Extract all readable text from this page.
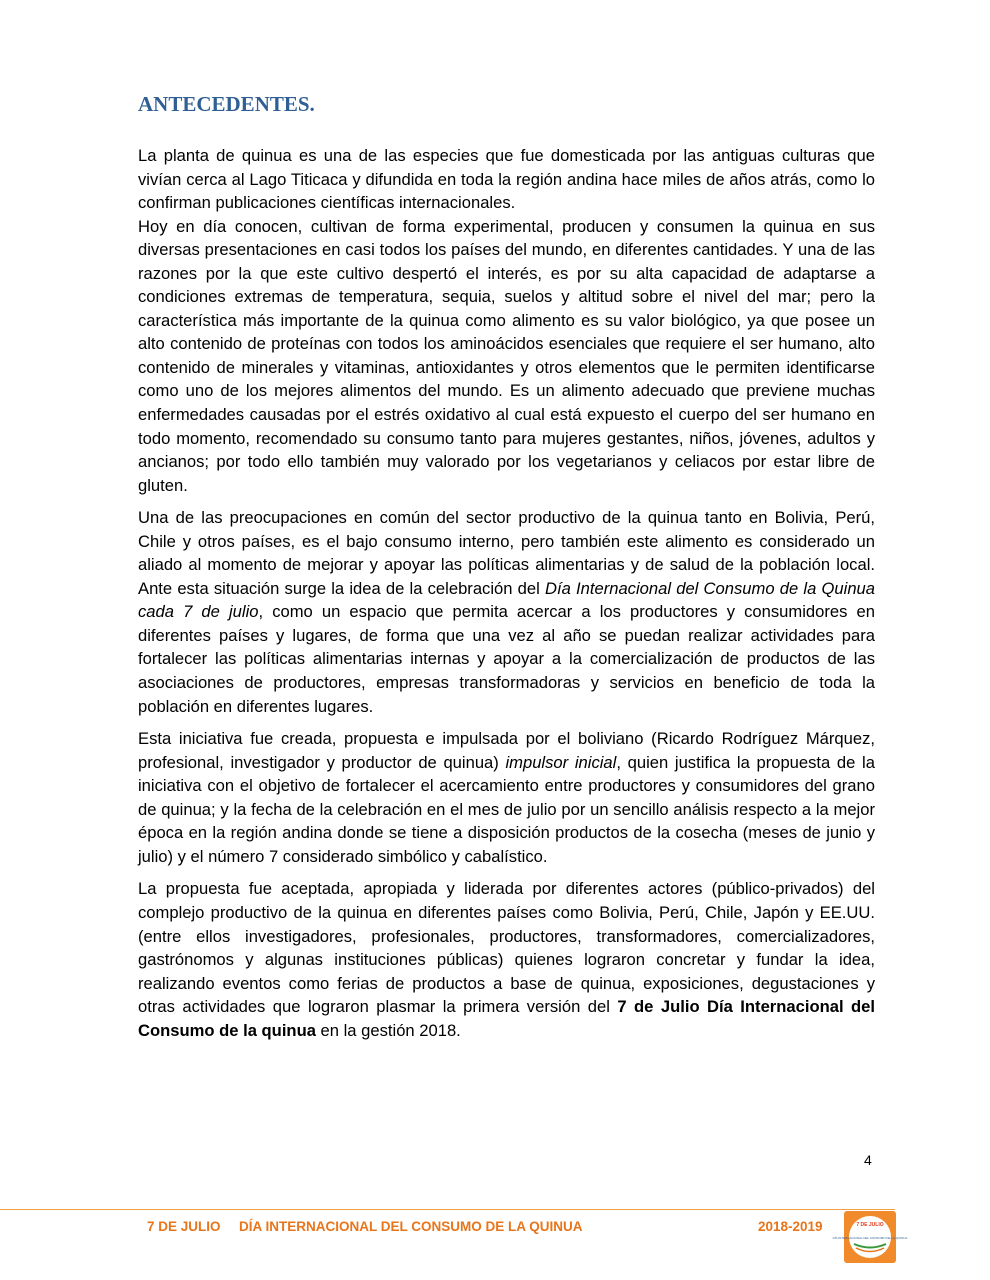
ANTECEDENTES.

La planta de quinua es una de las especies que fue domesticada por las antiguas culturas que vivían cerca al Lago Titicaca y difundida en toda la región andina hace miles de años atrás, como lo confirman publicaciones científicas internacionales.

Hoy en día conocen, cultivan de forma experimental, producen y consumen la quinua en sus diversas presentaciones en casi todos los países del mundo, en diferentes cantidades. Y una de las razones por la que este cultivo despertó el interés, es por su alta capacidad de adaptarse a condiciones extremas de temperatura, sequia, suelos y altitud sobre el nivel del mar; pero la característica más importante de la quinua como alimento es su valor biológico, ya que posee un alto contenido de proteínas con todos los aminoácidos esenciales que requiere el ser humano, alto contenido de minerales y vitaminas, antioxidantes y otros elementos que le permiten identificarse como uno de los mejores alimentos del mundo. Es un alimento adecuado que previene muchas enfermedades causadas por el estrés oxidativo al cual está expuesto el cuerpo del ser humano en todo momento, recomendado su consumo tanto para mujeres gestantes, niños, jóvenes, adultos y ancianos; por todo ello también muy valorado por los vegetarianos y celiacos por estar libre de gluten.

Una de las preocupaciones en común del sector productivo de la quinua tanto en Bolivia, Perú, Chile y otros países, es el bajo consumo interno, pero también este alimento es considerado un aliado al momento de mejorar y apoyar las políticas alimentarias y de salud de la población local. Ante esta situación surge la idea de la celebración del Día Internacional del Consumo de la Quinua cada 7 de julio, como un espacio que permita acercar a los productores y consumidores en diferentes países y lugares, de forma que una vez al año se puedan realizar actividades para fortalecer las políticas alimentarias internas y apoyar a la comercialización de productos de las asociaciones de productores, empresas transformadoras y servicios en beneficio de toda la población en diferentes lugares.

Esta iniciativa fue creada, propuesta e impulsada por el boliviano (Ricardo Rodríguez Márquez, profesional, investigador y productor de quinua) impulsor inicial, quien justifica la propuesta de la iniciativa con el objetivo de fortalecer el acercamiento entre productores y consumidores del grano de quinua; y la fecha de la celebración en el mes de julio por un sencillo análisis respecto a la mejor época en la región andina donde se tiene a disposición productos de la cosecha (meses de junio y julio) y el número 7 considerado simbólico y cabalístico.

La propuesta fue aceptada, apropiada y liderada por diferentes actores (público-privados) del complejo productivo de la quinua en diferentes países como Bolivia, Perú, Chile, Japón y EE.UU. (entre ellos investigadores, profesionales, productores, transformadores, comercializadores, gastrónomos y algunas instituciones públicas) quienes lograron concretar y fundar la idea, realizando eventos como ferias de productos a base de quinua, exposiciones, degustaciones y otras actividades que lograron plasmar la primera versión del 7 de Julio Día Internacional del Consumo de la quinua en la gestión 2018.

4
7 DE JULIO DÍA INTERNACIONAL DEL CONSUMO DE LA QUINUA	2018-2019	7 DE JULIO
DÍA INTERNACIONAL DEL CONSUMO DE LA QUINUA
